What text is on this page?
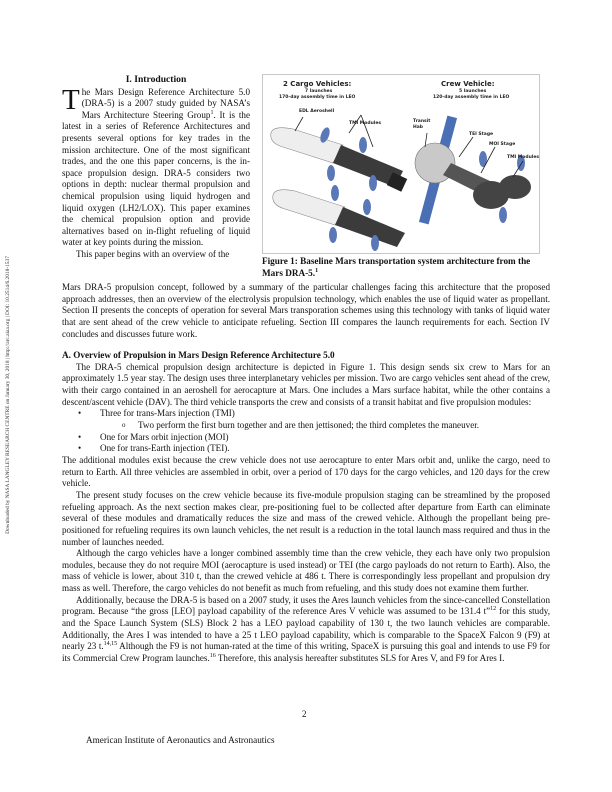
Downloaded by NASA LANGLEY RESEARCH CENTRE on January 30, 2018 | http://arc.aiaa.org | DOI: 10.2514/6.2018-1537

I. Introduction

The Mars Design Reference Architecture 5.0 (DRA-5) is a 2007 study guided by NASA’s Mars Architecture Steering Group$^1$. It is the latest in a series of Reference Architectures and presents several options for key trades in the mission architecture. One of the most significant trades, and the one this paper concerns, is the in-space propulsion design. DRA-5 considers two options in depth: nuclear thermal propulsion and chemical propulsion using liquid hydrogen and liquid oxygen (LH2/LOX). This paper examines the chemical propulsion option and provide alternatives based on in-flight refueling of liquid water at key points during the mission.

This paper begins with an overview of the

2 Cargo Vehicles:
7 launches
170-day assembly time in LEO
Crew Vehicle:
5 launches
120-day assembly time in LEO
EDL Aeroshell
TMI Modules	Transit
Hab
TEI Stage
MOI Stage
TMI Modules
Figure 1: Baseline Mars transportation system architecture from the Mars DRA-5.$^1$

Mars DRA-5 propulsion concept, followed by a summary of the particular challenges facing this architecture that the proposed approach addresses, then an overview of the electrolysis propulsion technology, which enables the use of liquid water as propellant. Section II presents the concepts of operation for several Mars transporation schemes using this technology with tanks of liquid water that are sent ahead of the crew vehicle to anticipate refueling. Section III compares the launch requirements for each. Section IV concludes and discusses future work.

A. Overview of Propulsion in Mars Design Reference Architecture 5.0

The DRA-5 chemical propulsion design architecture is depicted in Figure 1. This design sends six crew to Mars for an approximately 1.5 year stay. The design uses three interplanetary vehicles per mission. Two are cargo vehicles sent ahead of the crew, with their cargo contained in an aeroshell for aerocapture at Mars. One includes a Mars surface habitat, while the other contains a descent/ascent vehicle (DAV). The third vehicle transports the crew and consists of a transit habitat and five propulsion modules:

• Three for trans-Mars injection (TMI)
o Two perform the first burn together and are then jettisoned; the third completes the maneuver.
• One for Mars orbit injection (MOI)
• One for trans-Earth injection (TEI).

The additional modules exist because the crew vehicle does not use aerocapture to enter Mars orbit and, unlike the cargo, need to return to Earth. All three vehicles are assembled in orbit, over a period of 170 days for the cargo vehicles, and 120 days for the crew vehicle.

The present study focuses on the crew vehicle because its five-module propulsion staging can be streamlined by the proposed refueling approach. As the next section makes clear, pre-positioning fuel to be collected after departure from Earth can eliminate several of these modules and dramatically reduces the size and mass of the crewed vehicle. Although the propellant being pre-positioned for refueling requires its own launch vehicles, the net result is a reduction in the total launch mass required and thus in the number of launches needed.

Although the cargo vehicles have a longer combined assembly time than the crew vehicle, they each have only two propulsion modules, because they do not require MOI (aerocapture is used instead) or TEI (the cargo payloads do not return to Earth). Also, the mass of vehicle is lower, about 310 t, than the crewed vehicle at 486 t. There is correspondingly less propellant and propulsion dry mass as well. Therefore, the cargo vehicles do not benefit as much from refueling, and this study does not examine them further.

Additionally, because the DRA-5 is based on a 2007 study, it uses the Ares launch vehicles from the since-cancelled Constellation program. Because “the gross [LEO] payload capability of the reference Ares V vehicle was assumed to be 131.4 t”$^{12}$ for this study, and the Space Launch System (SLS) Block 2 has a LEO payload capability of 130 t, the two launch vehicles are comparable. Additionally, the Ares I was intended to have a 25 t LEO payload capability, which is comparable to the SpaceX Falcon 9 (F9) at nearly 23 t.$^{14,15}$ Although the F9 is not human-rated at the time of this writing, SpaceX is pursuing this goal and intends to use F9 for its Commercial Crew Program launches.$^{16}$ Therefore, this analysis hereafter substitutes SLS for Ares V, and F9 for Ares I.

2
American Institute of Aeronautics and Astronautics
